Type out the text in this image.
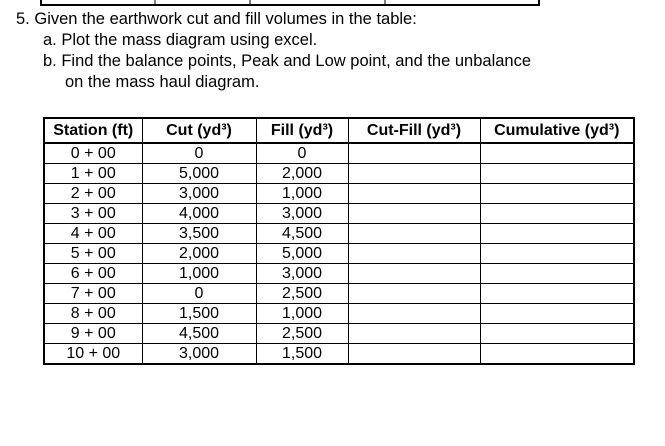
5. Given the earthwork cut and fill volumes in the table:
a. Plot the mass diagram using excel.
b. Find the balance points, Peak and Low point, and the unbalance
on the mass haul diagram.
Station (ft)	Cut (yd³)	Fill (yd³)	Cut-Fill (yd³)	Cumulative (yd³)
0 + 00	0	0		
1 + 00	5,000	2,000		
2 + 00	3,000	1,000		
3 + 00	4,000	3,000		
4 + 00	3,500	4,500		
5 + 00	2,000	5,000		
6 + 00	1,000	3,000		
7 + 00	0	2,500		
8 + 00	1,500	1,000		
9 + 00	4,500	2,500		
10 + 00	3,000	1,500		
